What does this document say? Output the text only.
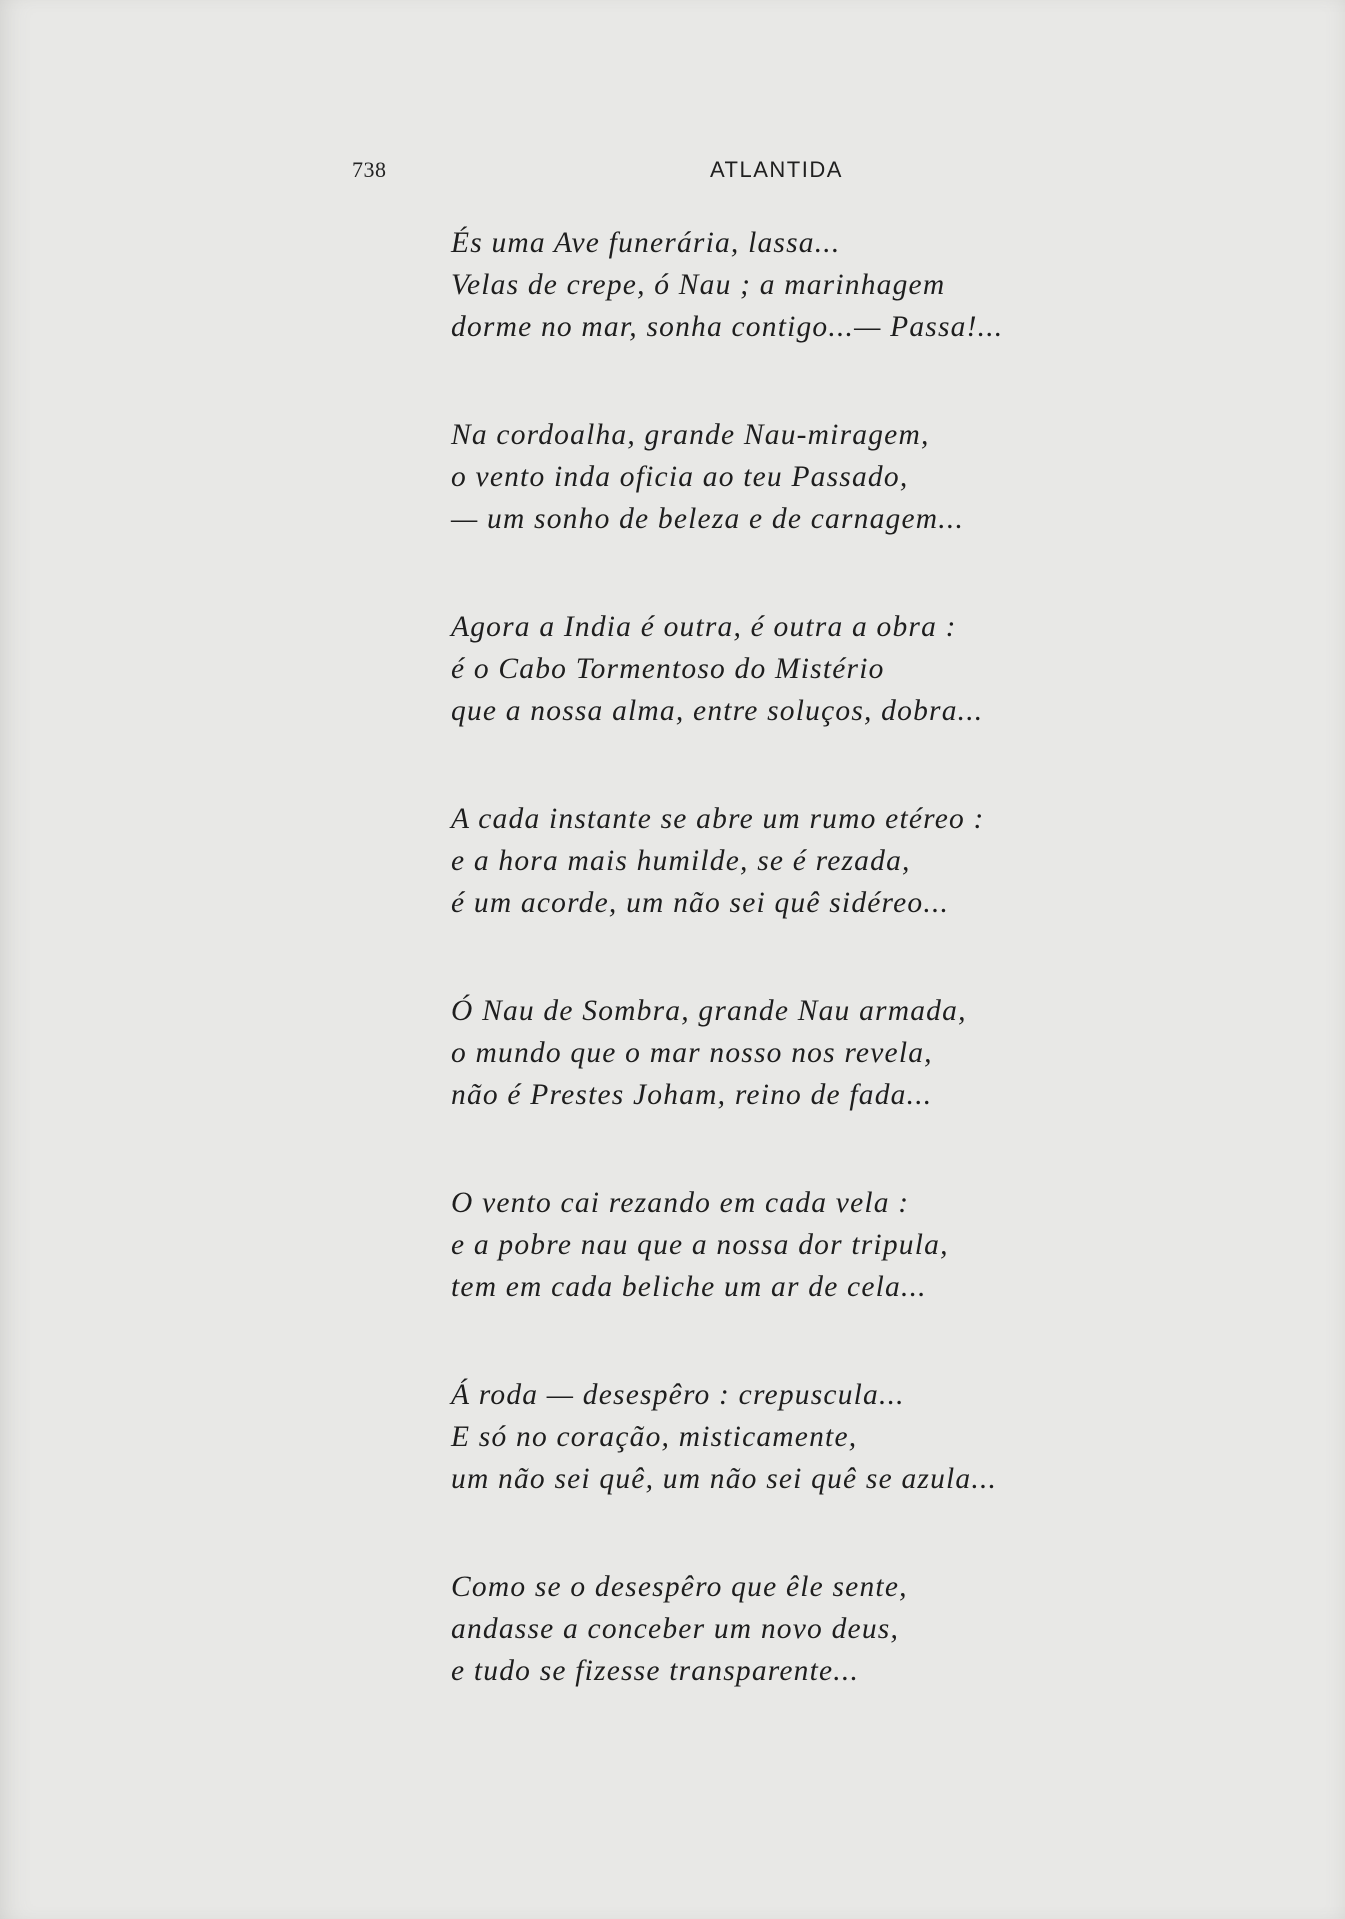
738	ATLANTIDA
És uma Ave funerária, lassa...
Velas de crepe, ó Nau ; a marinhagem
dorme no mar, sonha contigo...— Passa!...
Na cordoalha, grande Nau-miragem,
o vento inda oficia ao teu Passado,
— um sonho de beleza e de carnagem...
Agora a India é outra, é outra a obra :
é o Cabo Tormentoso do Mistério
que a nossa alma, entre soluços, dobra...
A cada instante se abre um rumo etéreo :
e a hora mais humilde, se é rezada,
é um acorde, um não sei quê sidéreo...
Ó Nau de Sombra, grande Nau armada,
o mundo que o mar nosso nos revela,
não é Prestes Joham, reino de fada...
O vento cai rezando em cada vela :
e a pobre nau que a nossa dor tripula,
tem em cada beliche um ar de cela...
Á roda — desespêro : crepuscula...
E só no coração, misticamente,
um não sei quê, um não sei quê se azula...
Como se o desespêro que êle sente,
andasse a conceber um novo deus,
e tudo se fizesse transparente...
